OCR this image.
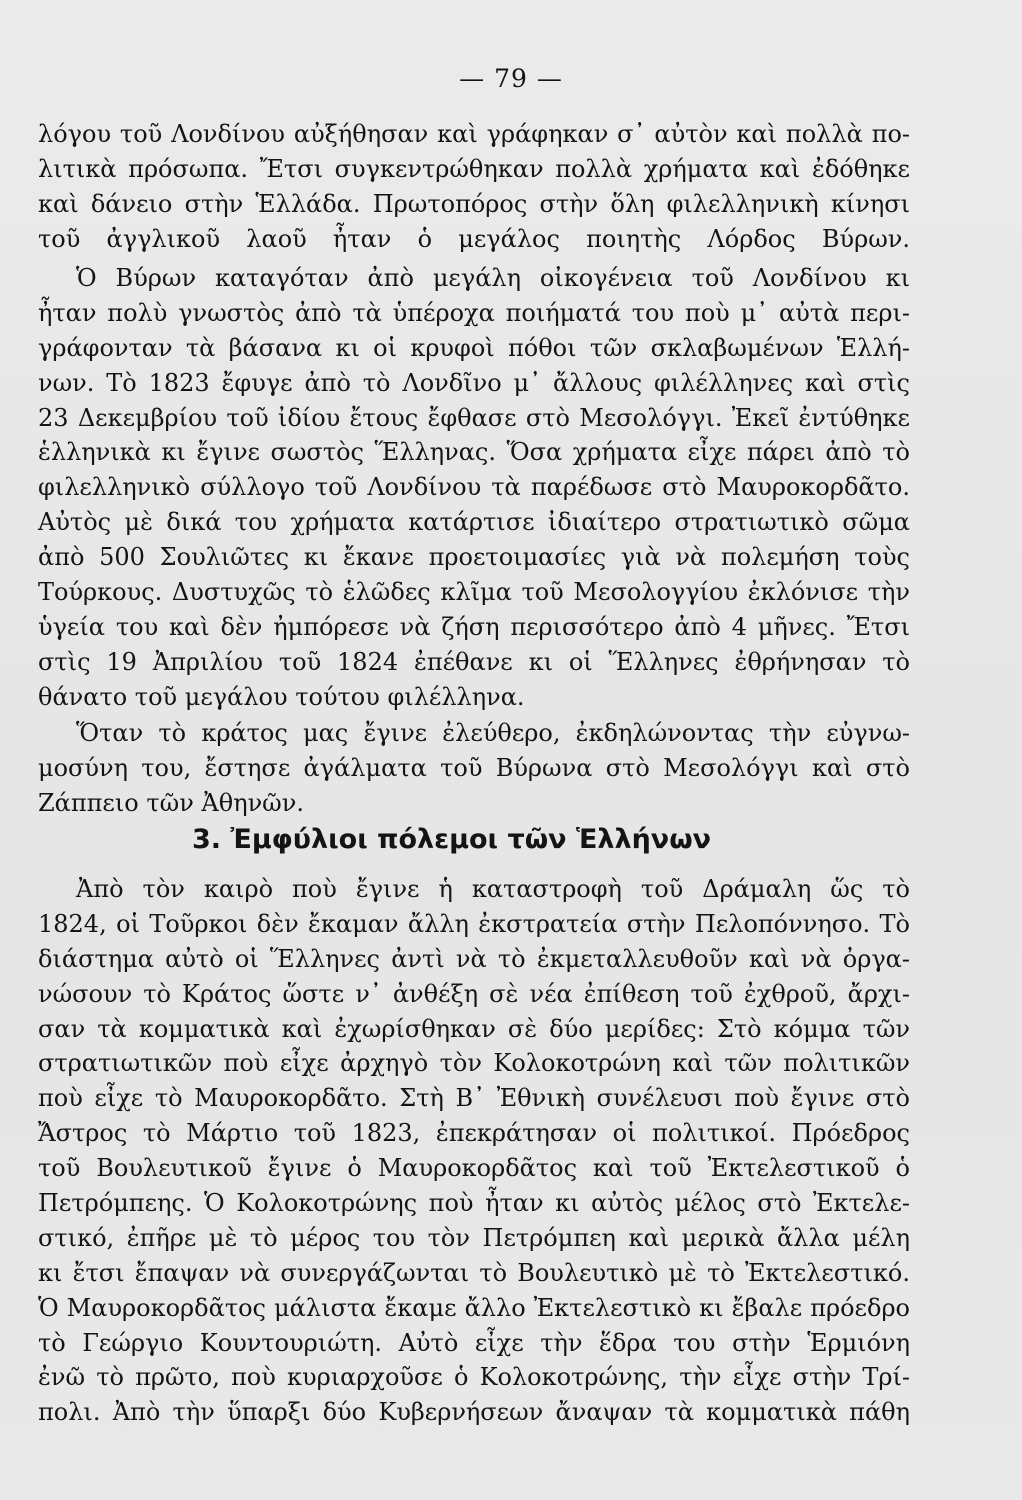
— 79 —
λόγου τοῦ Λονδίνου αὐξήθησαν καὶ γράφηκαν σ᾽ αὐτὸν καὶ πολλὰ πο-
λιτικὰ πρόσωπα. Ἔτσι συγκεντρώθηκαν πολλὰ χρήματα καὶ ἐδόθηκε
καὶ δάνειο στὴν Ἑλλάδα. Πρωτοπόρος στὴν ὅλη φιλελληνικὴ κίνησι
τοῦ ἀγγλικοῦ λαοῦ ἦταν ὁ μεγάλος ποιητὴς Λόρδος Βύρων.
Ὁ Βύρων καταγόταν ἀπὸ μεγάλη οἰκογένεια τοῦ Λονδίνου κι
ἦταν πολὺ γνωστὸς ἀπὸ τὰ ὑπέροχα ποιήματά του ποὺ μ᾽ αὐτὰ περι-
γράφονταν τὰ βάσανα κι οἱ κρυφοὶ πόθοι τῶν σκλαβωμένων Ἑλλή-
νων. Τὸ 1823 ἔφυγε ἀπὸ τὸ Λονδῖνο μ᾽ ἄλλους φιλέλληνες καὶ στὶς
23 Δεκεμβρίου τοῦ ἰδίου ἔτους ἔφθασε στὸ Μεσολόγγι. Ἐκεῖ ἐντύθηκε
ἑλληνικὰ κι ἔγινε σωστὸς Ἕλληνας. Ὅσα χρήματα εἶχε πάρει ἀπὸ τὸ
φιλελληνικὸ σύλλογο τοῦ Λονδίνου τὰ παρέδωσε στὸ Μαυροκορδᾶτο.
Αὐτὸς μὲ δικά του χρήματα κατάρτισε ἰδιαίτερο στρατιωτικὸ σῶμα
ἀπὸ 500 Σουλιῶτες κι ἔκανε προετοιμασίες γιὰ νὰ πολεμήση τοὺς
Τούρκους. Δυστυχῶς τὸ ἑλῶδες κλῖμα τοῦ Μεσολογγίου ἐκλόνισε τὴν
ὑγεία του καὶ δὲν ἠμπόρεσε νὰ ζήση περισσότερο ἀπὸ 4 μῆνες. Ἔτσι
στὶς 19 Ἀπριλίου τοῦ 1824 ἐπέθανε κι οἱ Ἕλληνες ἐθρήνησαν τὸ
θάνατο τοῦ μεγάλου τούτου φιλέλληνα.
Ὅταν τὸ κράτος μας ἔγινε ἐλεύθερο, ἐκδηλώνοντας τὴν εὐγνω-
μοσύνη του, ἔστησε ἀγάλματα τοῦ Βύρωνα στὸ Μεσολόγγι καὶ στὸ
Ζάππειο τῶν Ἀθηνῶν.
3. Ἐμφύλιοι πόλεμοι τῶν Ἑλλήνων
Ἀπὸ τὸν καιρὸ ποὺ ἔγινε ἡ καταστροφὴ τοῦ Δράμαλη ὥς τὸ
1824, οἱ Τοῦρκοι δὲν ἔκαμαν ἄλλη ἐκστρατεία στὴν Πελοπόννησο. Τὸ
διάστημα αὐτὸ οἱ Ἕλληνες ἀντὶ νὰ τὸ ἐκμεταλλευθοῦν καὶ νὰ ὀργα-
νώσουν τὸ Κράτος ὥστε ν᾽ ἀνθέξη σὲ νέα ἐπίθεση τοῦ ἐχθροῦ, ἄρχι-
σαν τὰ κομματικὰ καὶ ἐχωρίσθηκαν σὲ δύο μερίδες: Στὸ κόμμα τῶν
στρατιωτικῶν ποὺ εἶχε ἀρχηγὸ τὸν Κολοκοτρώνη καὶ τῶν πολιτικῶν
ποὺ εἶχε τὸ Μαυροκορδᾶτο. Στὴ Β᾽ Ἐθνικὴ συνέλευσι ποὺ ἔγινε στὸ
Ἄστρος τὸ Μάρτιο τοῦ 1823, ἐπεκράτησαν οἱ πολιτικοί. Πρόεδρος
τοῦ Βουλευτικοῦ ἔγινε ὁ Μαυροκορδᾶτος καὶ τοῦ Ἐκτελεστικοῦ ὁ
Πετρόμπεης. Ὁ Κολοκοτρώνης ποὺ ἦταν κι αὐτὸς μέλος στὸ Ἐκτελε-
στικό, ἐπῆρε μὲ τὸ μέρος του τὸν Πετρόμπεη καὶ μερικὰ ἄλλα μέλη
κι ἔτσι ἔπαψαν νὰ συνεργάζωνται τὸ Βουλευτικὸ μὲ τὸ Ἐκτελεστικό.
Ὁ Μαυροκορδᾶτος μάλιστα ἔκαμε ἄλλο Ἐκτελεστικὸ κι ἔβαλε πρόεδρο
τὸ Γεώργιο Κουντουριώτη. Αὐτὸ εἶχε τὴν ἕδρα του στὴν Ἑρμιόνη
ἐνῶ τὸ πρῶτο, ποὺ κυριαρχοῦσε ὁ Κολοκοτρώνης, τὴν εἶχε στὴν Τρί-
πολι. Ἀπὸ τὴν ὕπαρξι δύο Κυβερνήσεων ἄναψαν τὰ κομματικὰ πάθη
